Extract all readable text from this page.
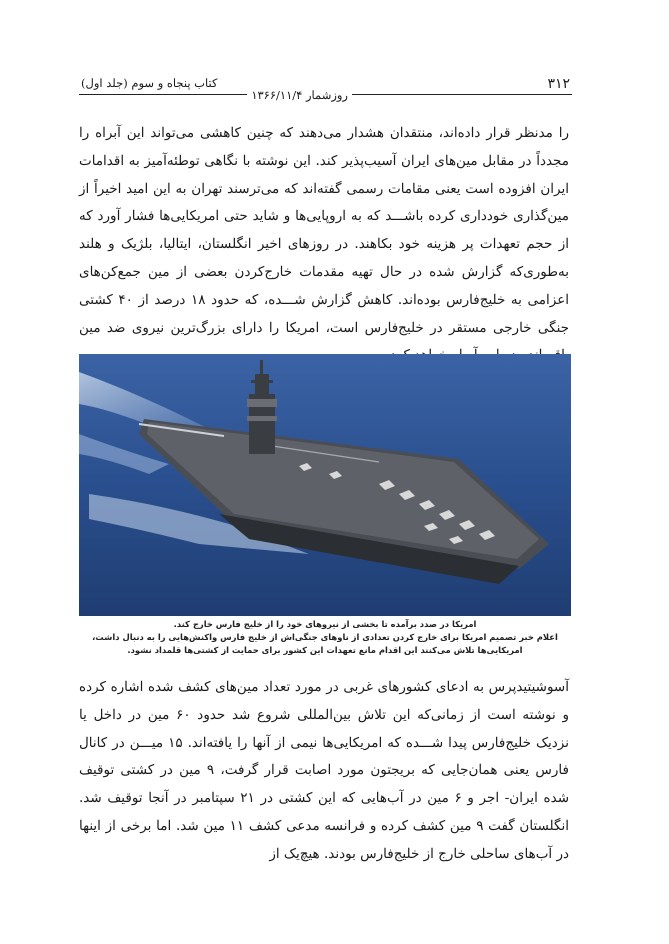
۳۱۲
روزشمار ۱۳۶۶/۱۱/۴
کتاب پنجاه و سوم (جلد اول)

را مدنظر قرار داده‌اند، منتقدان هشدار می‌دهند که چنین کاهشی می‌تواند این آبراه را مجدداً در مقابل مین‌های ایران آسیب‌پذیر کند. این نوشته با نگاهی توطئه‌آمیز به اقدامات ایران افزوده است یعنی مقامات رسمی گفته‌اند که می‌ترسند تهران به این امید اخیراً از مین‌گذاری خودداری کرده باشـــد که به اروپایی‌ها و شاید حتی امریکایی‌ها فشار آورد که از حجم تعهدات پر هزینه خود بکاهند. در روزهای اخیر انگلستان، ایتالیا، بلژیک و هلند به‌طوری‌که گزارش شده در حال تهیه مقدمات خارج‌کردن بعضی از مین جمع‌کن‌های اعزامی به خلیج‌فارس بوده‌اند. کاهش گزارش شـــده، که حدود ۱۸ درصد از ۴۰ کشتی جنگی خارجی مستقر در خلیج‌فارس است، امریکا را دارای بزرگ‌ترین نیروی ضد مین

امریکا در صدد برآمده تا بخشی از نیروهای خود را از خلیج فارس خارج کند.
اعلام خبر تصمیم امریکا برای خارج کردن تعدادی از ناوهای جنگی‌اش از خلیج فارس واکنش‌هایی را به دنبال داشت،
امریکایی‌ها تلاش می‌کنند این اقدام مانع تعهدات این کشور برای حمایت از کشتی‌ها قلمداد نشود.

آسوشیتیدپرس به ادعای کشورهای غربی در مورد تعداد مین‌های کشف شده اشاره کرده و نوشته است از زمانی‌که این تلاش بین‌المللی شروع شد حدود ۶۰ مین در داخل یا نزدیک خلیج‌فارس پیدا شـــده که امریکایی‌ها نیمی از آنها را یافته‌اند. ۱۵ میـــن در کانال فارس یعنی همان‌جایی که بریجتون مورد اصابت قرار گرفت، ۹ مین در کشتی توقیف شده ایران- اجر و ۶ مین در آب‌هایی که این کشتی در ۲۱ سپتامبر در آنجا توقیف شد. انگلستان گفت ۹ مین کشف کرده و فرانسه مدعی کشف ۱۱ مین شد. اما برخی از اینها در آب‌های ساحلی خارج از خلیج‌فارس بودند. هیچ‌یک از
